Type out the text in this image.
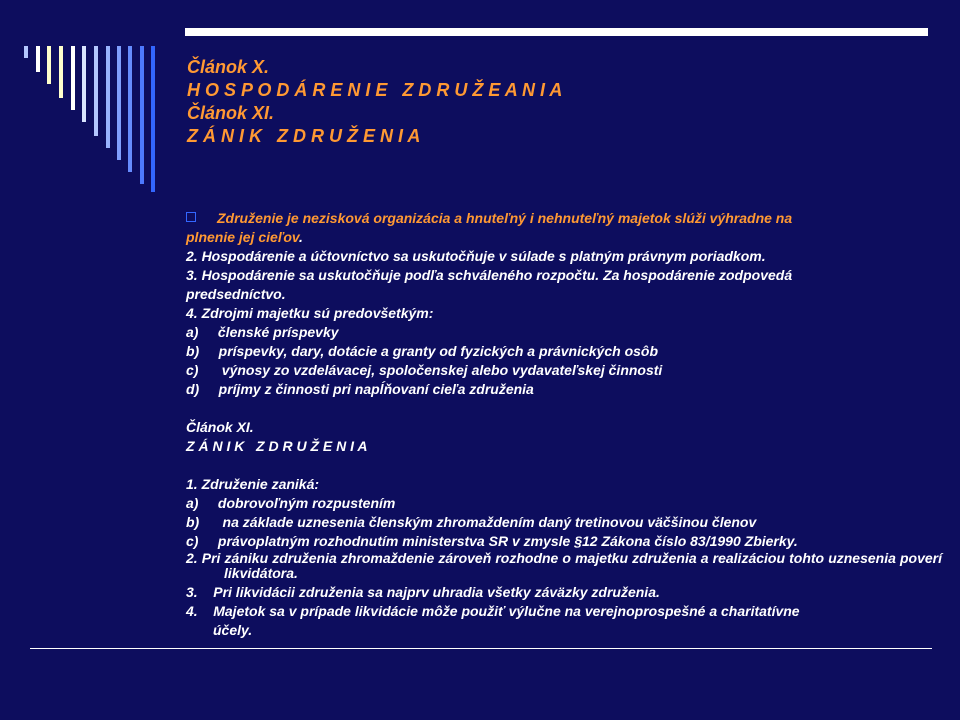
Článok X.
H O S P O D Á R E N I E   Z D R U Ž E A N I A
Článok XI.
Z Á N I K   Z D R U Ž E N I A
Združenie je nezisková organizácia a hnuteľný i nehnuteľný majetok slúži výhradne na
plnenie jej cieľov.
2. Hospodárenie a účtovníctvo sa uskutočňuje v súlade s platným právnym poriadkom.
3. Hospodárenie sa uskutočňuje podľa schváleného rozpočtu. Za hospodárenie zodpovedá
predsedníctvo.
4. Zdrojmi majetku sú predovšetkým:
a)     členské príspevky
b)     príspevky, dary, dotácie a granty od fyzických a právnických osôb
c)      výnosy zo vzdelávacej, spoločenskej alebo vydavateľskej činnosti
d)     príjmy z činnosti pri napĺňovaní cieľa združenia
Článok XI.
Z Á N I K   Z D R U Ž E N I A
1. Združenie zaniká:
a)     dobrovoľným rozpustením
b)      na základe uznesenia členským zhromaždením daný tretinovou väčšinou členov
c)     právoplatným rozhodnutím ministerstva SR v zmysle §12 Zákona číslo 83/1990 Zbierky.
2. Pri zániku združenia zhromaždenie zároveň rozhodne o majetku združenia a realizáciou tohto uznesenia poverí likvidátora.
3.    Pri likvidácii združenia sa najprv uhradia všetky záväzky združenia.
4.    Majetok sa v prípade likvidácie môže použiť výlučne na verejnoprospešné a charitatívne
účely.
